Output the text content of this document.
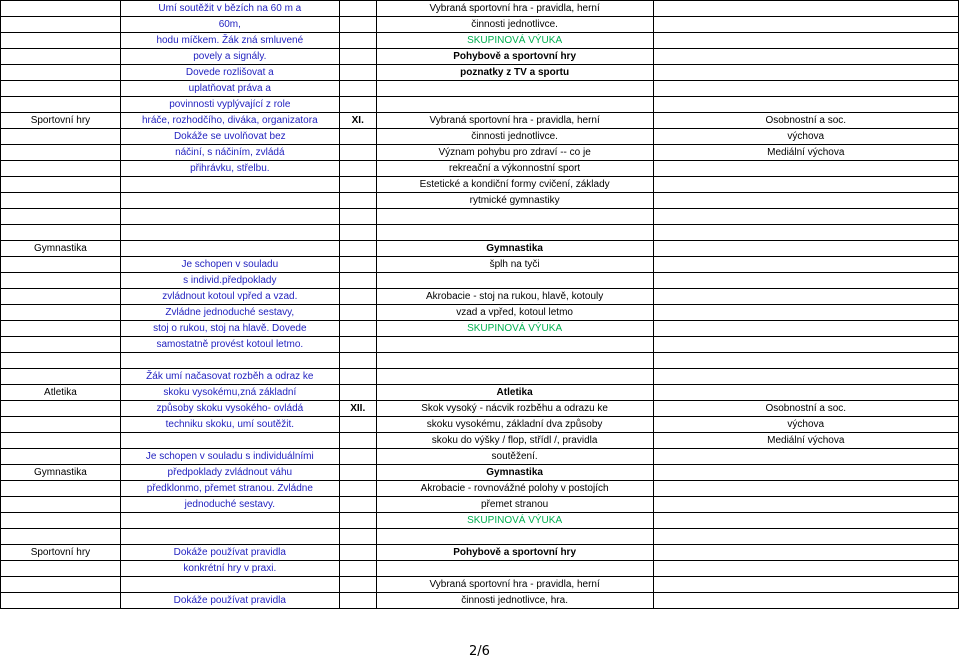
	Umí soutěžit v bězích na 60 m a		Vybraná sportovní hra - pravidla, herní	
	60m,		činnosti jednotlivce.	
	hodu míčkem. Žák zná smluvené		SKUPINOVÁ VÝUKA	
	povely a signály.		Pohybově a sportovní hry	
	Dovede rozlišovat a		poznatky z TV a sportu	
	uplatňovat práva a			
	povinnosti vyplývající z role			
Sportovní hry	hráče, rozhodčího, diváka, organizatora	XI.	Vybraná sportovní hra - pravidla, herní	Osobnostní a soc.
	Dokáže se uvolňovat bez		činnosti jednotlivce.	výchova
	náčiní, s náčiním, zvládá		Význam pohybu pro zdraví -- co je	Mediální výchova
	přihrávku, střelbu.		rekreační a výkonnostní sport	
			Estetické a kondiční formy cvičení, základy	
			rytmické gymnastiky	

Gymnastika			Gymnastika	
	Je schopen v souladu		šplh na tyči	
	s individ.předpoklady			
	zvládnout kotoul vpřed a vzad.		Akrobacie - stoj na rukou, hlavě, kotouly	
	Zvládne jednoduché sestavy,		vzad a vpřed, kotoul letmo	
	stoj o rukou, stoj na hlavě. Dovede		SKUPINOVÁ VÝUKA	
	samostatně provést kotoul letmo.			

	Žák umí načasovat rozběh a odraz ke			
Atletika	skoku vysokému,zná základní		Atletika	
	způsoby skoku vysokého- ovládá	XII.	Skok vysoký - nácvik rozběhu a odrazu ke	Osobnostní a soc.
	techniku skoku, umí soutěžit.		skoku vysokému, základní dva způsoby	výchova
			skoku do výšky / flop, střídl /, pravidla	Mediální výchova
	Je schopen v souladu s individuálními		soutěžení.	
Gymnastika	předpoklady zvládnout váhu		Gymnastika	
	předklonmo, přemet stranou. Zvládne		Akrobacie - rovnovážné polohy v postojích	
	jednoduché sestavy.		přemet stranou	
			SKUPINOVÁ VÝUKA	

Sportovní hry	Dokáže používat pravidla		Pohybově a sportovní hry	
	konkrétní hry v praxi.			
			Vybraná sportovní hra - pravidla, herní	
	Dokáže používat pravidla		činnosti jednotlivce, hra.	
2/6
